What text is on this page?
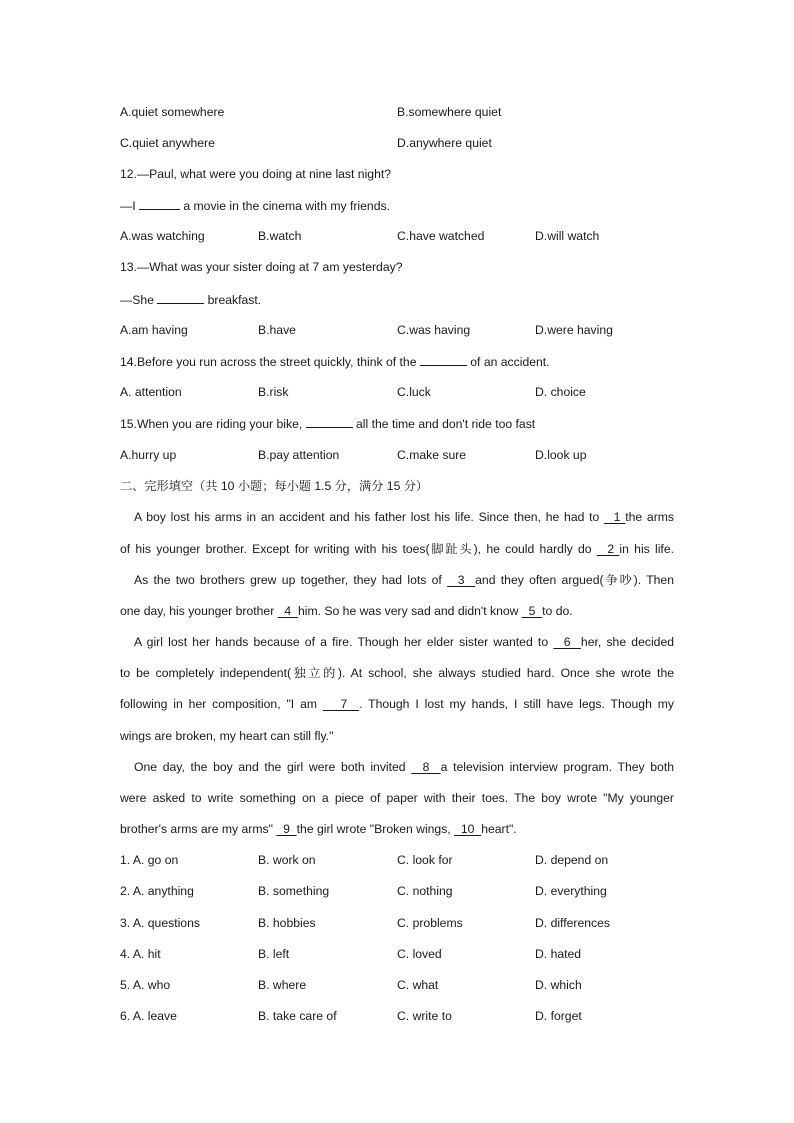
A.quiet somewhere	B.somewhere quiet
C.quiet anywhere	D.anywhere quiet
12.—Paul, what were you doing at nine last night?
—I	a movie in the cinema with my friends.
A.was watching	B.watch	C.have watched	D.will watch
13.—What was your sister doing at 7 am yesterday?
—She	breakfast.
A.am having	B.have	C.was having	D.were having
14.Before you run across the street quickly, think of the	of an accident.
A. attention	B.risk	C.luck	D. choice
15.When you are riding your bike,	all the time and don't ride too fast
A.hurry up	B.pay attention	C.make sure	D.look up
二、完形填空（共 10 小题；每小题 1.5 分，满分 15 分）
A boy lost his arms in an accident and his father lost his life. Since then, he had to   1 the arms
of his younger brother. Except for writing with his toes(脚趾头), he could hardly do   2 in his life.
As the two brothers grew up together, they had lots of   3  and they often argued(争吵). Then
one day, his younger brother   4  him. So he was very sad and didn't know   5  to do.
A girl lost her hands because of a fire. Though her elder sister wanted to   6  her, she decided
to be completely independent(独立的). At school, she always studied hard. Once she wrote the
following in her composition, "I am    7  . Though I lost my hands, I still have legs. Though my
wings are broken, my heart can still fly."
One day, the boy and the girl were both invited   8  a television interview program. They both
were asked to write something on a piece of paper with their toes. The boy wrote "My younger
brother's arms are my arms"   9  the girl wrote "Broken wings,   10  heart".
1. A. go on	B. work on	C. look for	D. depend on
2. A. anything	B. something	C. nothing	D. everything
3. A. questions	B. hobbies	C. problems	D. differences
4. A. hit	B. left	C. loved	D. hated
5. A. who	B. where	C. what	D. which
6. A. leave	B. take care of	C. write to	D. forget
